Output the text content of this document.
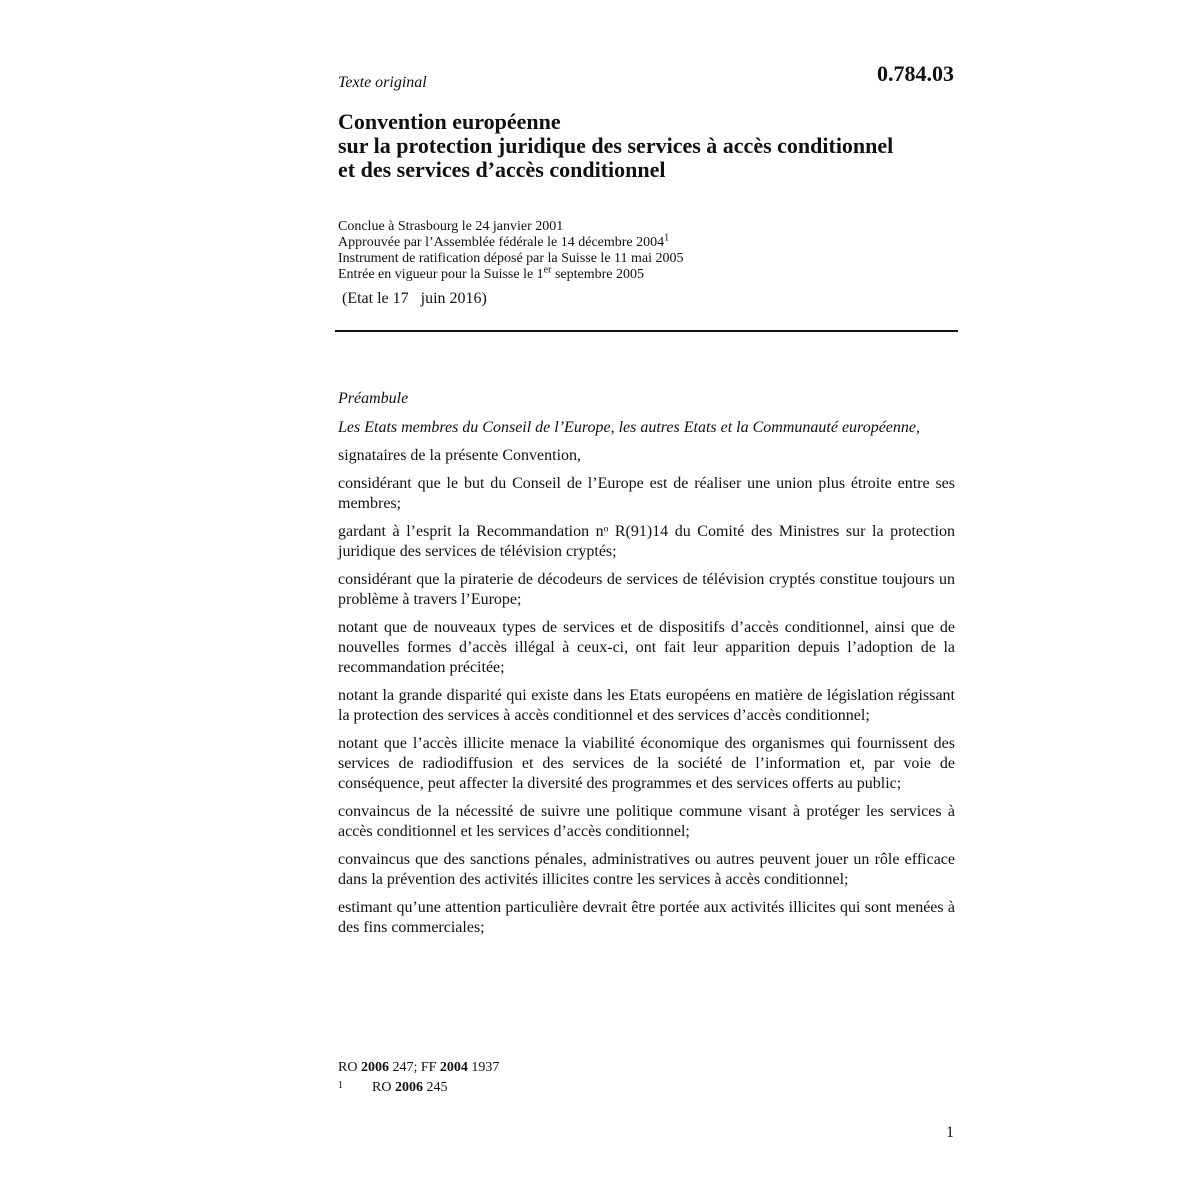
Texte original	0.784.03
Convention européenne
sur la protection juridique des services à accès conditionnel
et des services d’accès conditionnel
Conclue à Strasbourg le 24 janvier 2001
Approuvée par l’Assemblée fédérale le 14 décembre 2004$^1$
Instrument de ratification déposé par la Suisse le 11 mai 2005
Entrée en vigueur pour la Suisse le 1er septembre 2005
(Etat le 17   juin 2016)

Préambule

Les Etats membres du Conseil de l’Europe, les autres Etats et la Communauté européenne,

signataires de la présente Convention,

considérant que le but du Conseil de l’Europe est de réaliser une union plus étroite entre ses membres;

gardant à l’esprit la Recommandation nᵒ R(91)14 du Comité des Ministres sur la protection juridique des services de télévision cryptés;

considérant que la piraterie de décodeurs de services de télévision cryptés constitue toujours un problème à travers l’Europe;

notant que de nouveaux types de services et de dispositifs d’accès conditionnel, ainsi que de nouvelles formes d’accès illégal à ceux-ci, ont fait leur apparition depuis l’adoption de la recommandation précitée;

notant la grande disparité qui existe dans les Etats européens en matière de législation régissant la protection des services à accès conditionnel et des services d’accès conditionnel;

notant que l’accès illicite menace la viabilité économique des organismes qui fournissent des services de radiodiffusion et des services de la société de l’information et, par voie de conséquence, peut affecter la diversité des programmes et des services offerts au public;

convaincus de la nécessité de suivre une politique commune visant à protéger les services à accès conditionnel et les services d’accès conditionnel;

convaincus que des sanctions pénales, administratives ou autres peuvent jouer un rôle efficace dans la prévention des activités illicites contre les services à accès conditionnel;

estimant qu’une attention particulière devrait être portée aux activités illicites qui sont menées à des fins commerciales;

RO 2006 247; FF 2004 1937
1 RO 2006 245
1
